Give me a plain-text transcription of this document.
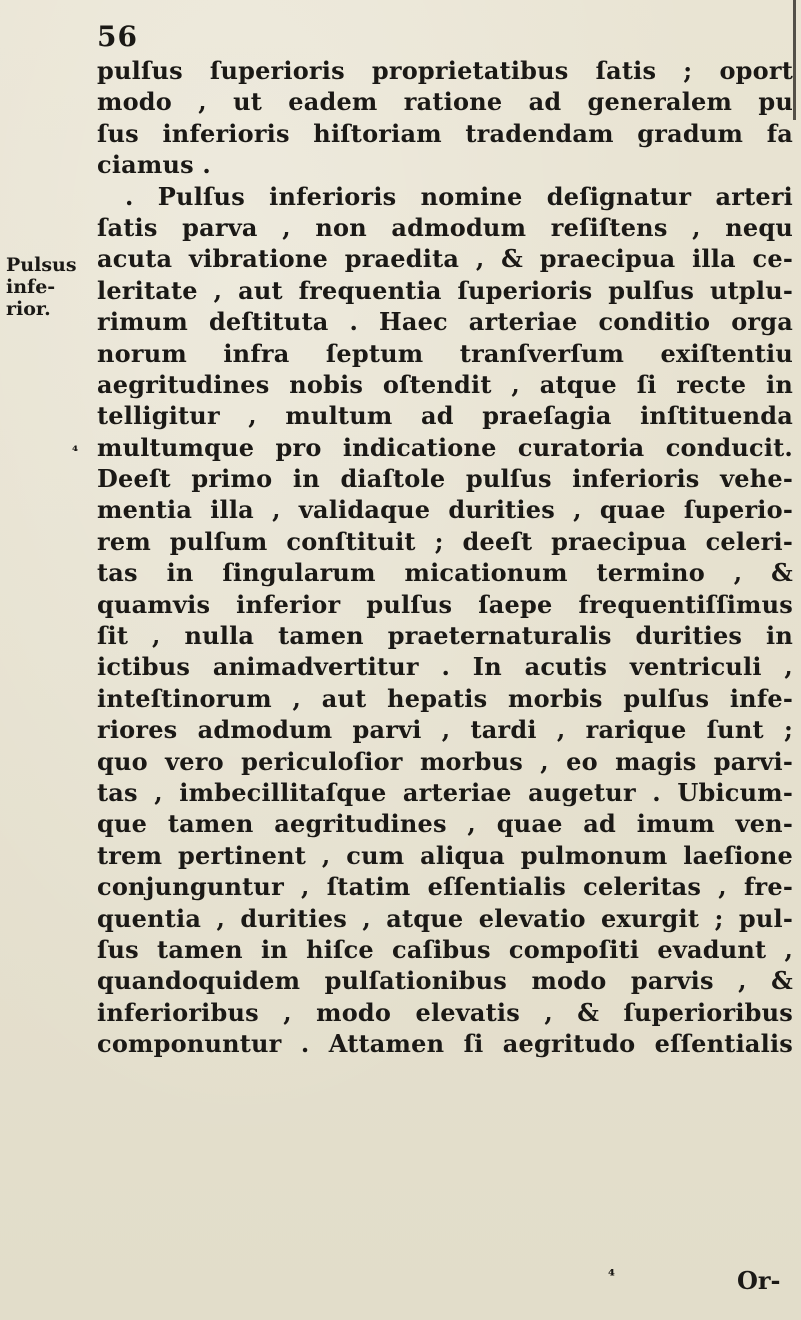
56
Pulsus
infe-
rior.
⁴
pulſus ſuperioris proprietatibus ſatis ; oport
modo , ut eadem ratione ad generalem pu
ſus inferioris hiſtoriam tradendam gradum fa
ciamus .
. Pulſus inferioris nomine deſignatur arteri
ſatis parva , non admodum reſiſtens , nequ
acuta vibratione praedita , & praecipua illa ce-
leritate , aut frequentia ſuperioris pulſus utplu-
rimum deſtituta . Haec arteriae conditio orga
norum infra ſeptum tranſverſum exiſtentiu
aegritudines nobis oſtendit , atque ſi recte in
telligitur , multum ad praeſagia inſtituenda
multumque pro indicatione curatoria conducit.
Deeſt primo in diaſtole pulſus inferioris vehe-
mentia illa , validaque durities , quae ſuperio-
rem pulſum conſtituit ; deeſt praecipua celeri-
tas in ſingularum micationum termino , &
quamvis inferior pulſus ſaepe frequentiſſimus
ſit , nulla tamen praeternaturalis durities in
ictibus animadvertitur . In acutis ventriculi ,
inteſtinorum , aut hepatis morbis pulſus infe-
riores admodum parvi , tardi , rarique ſunt ;
quo vero periculoſior morbus , eo magis parvi-
tas , imbecillitaſque arteriae augetur . Ubicum-
que tamen aegritudines , quae ad imum ven-
trem pertinent , cum aliqua pulmonum laeſione
conjunguntur , ſtatim eſſentialis celeritas , fre-
quentia , durities , atque elevatio exurgit ; pul-
ſus tamen in hiſce caſibus compoſiti evadunt ,
quandoquidem pulſationibus modo parvis , &
inferioribus , modo elevatis , & ſuperioribus
componuntur . Attamen ſi aegritudo eſſentialis
⁴	Or-
